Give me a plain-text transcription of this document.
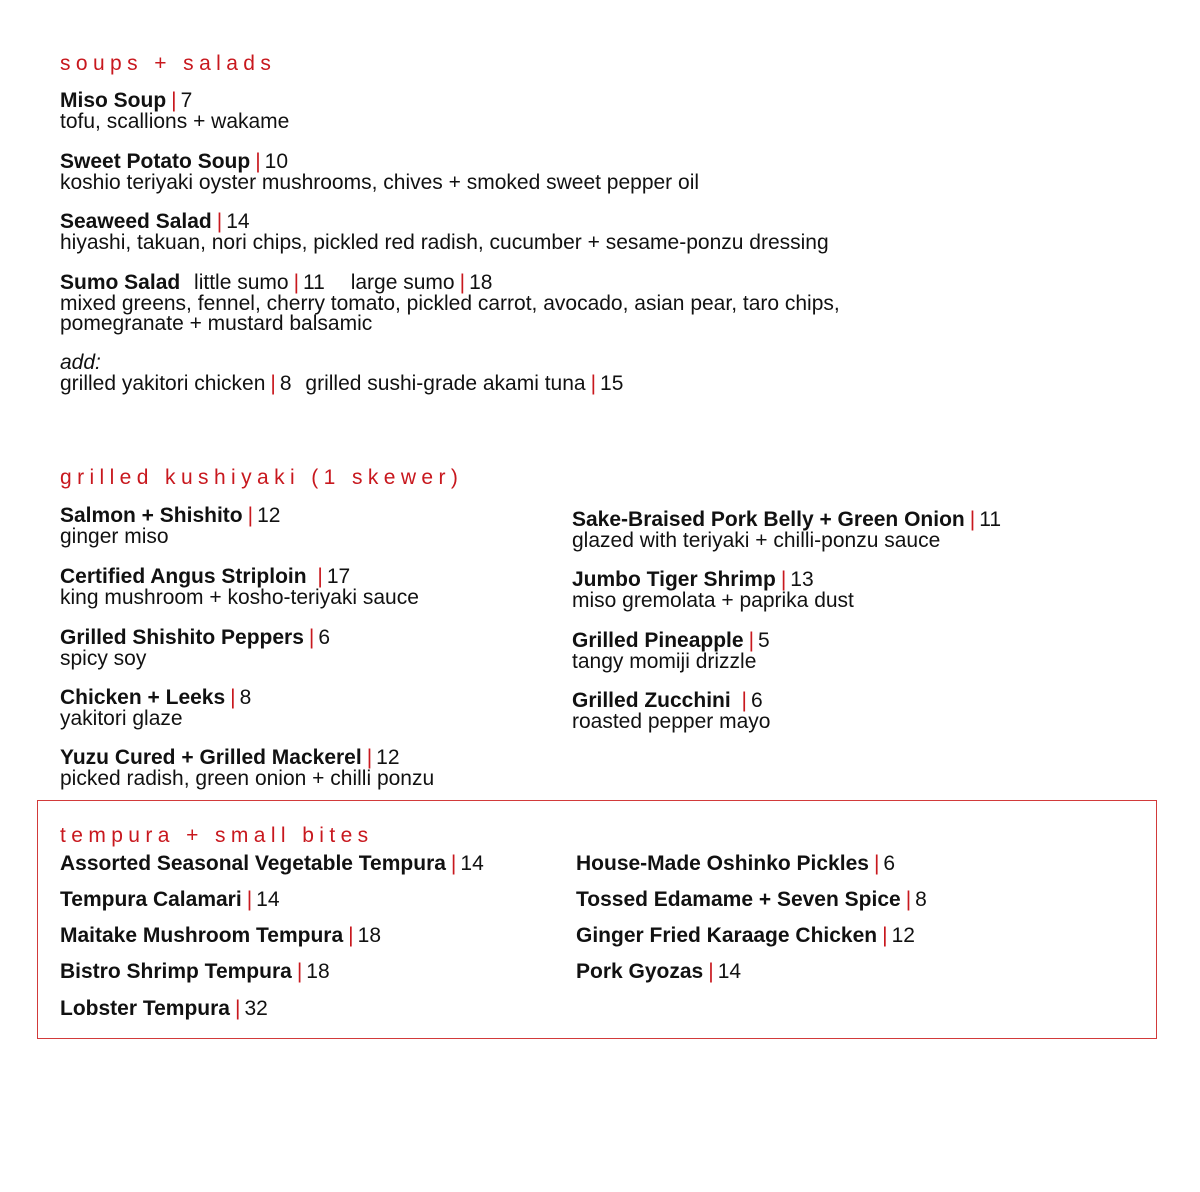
soups + salads
Miso Soup | 7
tofu, scallions + wakame
Sweet Potato Soup | 10
koshio teriyaki oyster mushrooms, chives + smoked sweet pepper oil
Seaweed Salad | 14
hiyashi, takuan, nori chips, pickled red radish, cucumber + sesame-ponzu dressing
Sumo Salad little sumo | 11 large sumo | 18
mixed greens, fennel, cherry tomato, pickled carrot, avocado, asian pear, taro chips,
pomegranate + mustard balsamic
add:
grilled yakitori chicken | 8 grilled sushi-grade akami tuna | 15
grilled kushiyaki (1 skewer)
Salmon + Shishito | 12
ginger miso
Certified Angus Striploin | 17
king mushroom + kosho-teriyaki sauce
Grilled Shishito Peppers | 6
spicy soy
Chicken + Leeks | 8
yakitori glaze
Yuzu Cured + Grilled Mackerel | 12
picked radish, green onion + chilli ponzu
Sake-Braised Pork Belly + Green Onion | 11
glazed with teriyaki + chilli-ponzu sauce
Jumbo Tiger Shrimp | 13
miso gremolata + paprika dust
Grilled Pineapple | 5
tangy momiji drizzle
Grilled Zucchini | 6
roasted pepper mayo
tempura + small bites
Assorted Seasonal Vegetable Tempura | 14
Tempura Calamari | 14
Maitake Mushroom Tempura | 18
Bistro Shrimp Tempura | 18
Lobster Tempura | 32
House-Made Oshinko Pickles | 6
Tossed Edamame + Seven Spice | 8
Ginger Fried Karaage Chicken | 12
Pork Gyozas | 14
